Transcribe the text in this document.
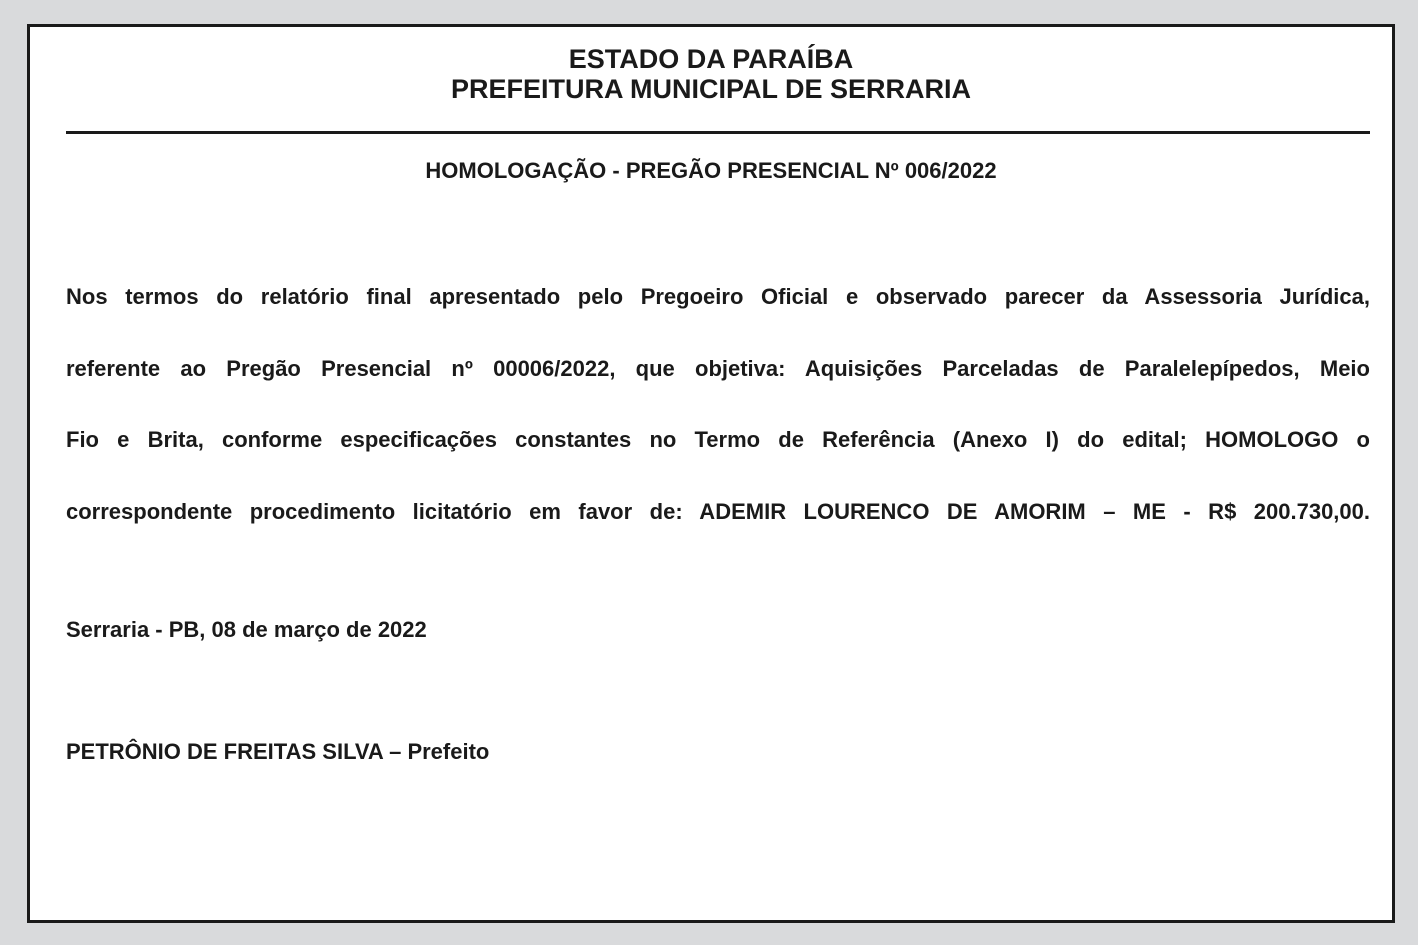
ESTADO DA PARAÍBA
PREFEITURA MUNICIPAL DE SERRARIA
HOMOLOGAÇÃO - PREGÃO PRESENCIAL Nº 006/2022
Nos termos do relatório final apresentado pelo Pregoeiro Oficial e observado parecer da Assessoria Jurídica,
referente ao Pregão Presencial nº 00006/2022, que objetiva: Aquisições Parceladas de Paralelepípedos, Meio
Fio e Brita, conforme especificações constantes no Termo de Referência (Anexo I) do edital; HOMOLOGO o
correspondente procedimento licitatório em favor de: ADEMIR LOURENCO DE AMORIM – ME - R$ 200.730,00.
Serraria - PB, 08 de março de 2022
PETRÔNIO DE FREITAS SILVA – Prefeito
